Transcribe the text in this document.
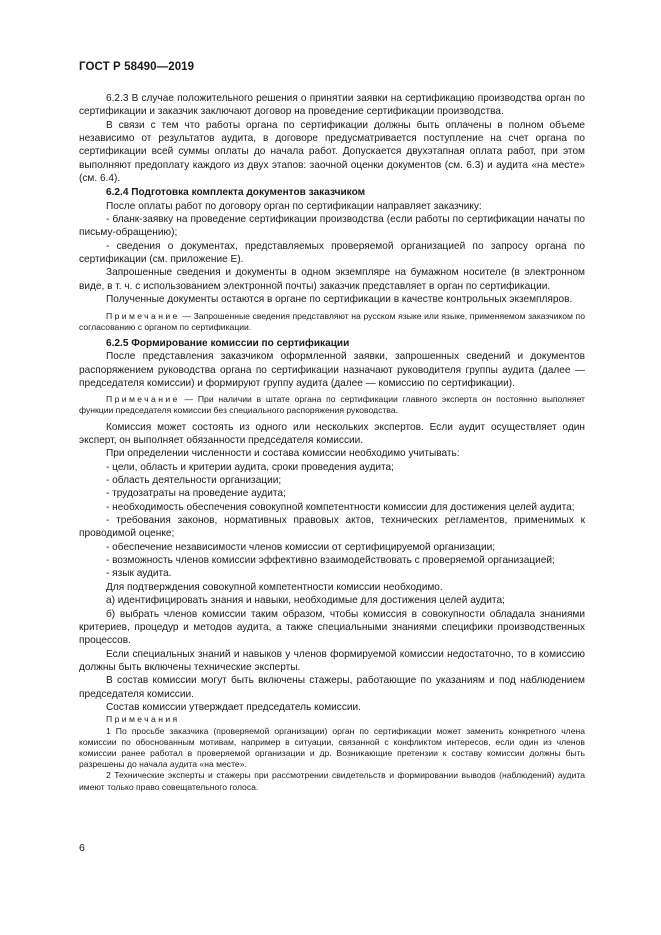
ГОСТ Р 58490—2019

6.2.3 В случае положительного решения о принятии заявки на сертификацию производства орган по сертификации и заказчик заключают договор на проведение сертификации производства.

В связи с тем что работы органа по сертификации должны быть оплачены в полном объеме независимо от результатов аудита, в договоре предусматривается поступление на счет органа по сертификации всей суммы оплаты до начала работ. Допускается двухэтапная оплата работ, при этом выполняют предоплату каждого из двух этапов: заочной оценки документов (см. 6.3) и аудита «на месте» (см. 6.4).

6.2.4 Подготовка комплекта документов заказчиком

После оплаты работ по договору орган по сертификации направляет заказчику:

- бланк-заявку на проведение сертификации производства (если работы по сертификации начаты по письму-обращению);

- сведения о документах, представляемых проверяемой организацией по запросу органа по сертификации (см. приложение Е).

Запрошенные сведения и документы в одном экземпляре на бумажном носителе (в электронном виде, в т. ч. с использованием электронной почты) заказчик представляет в орган по сертификации.

Полученные документы остаются в органе по сертификации в качестве контрольных экземпляров.

Примечание — Запрошенные сведения представляют на русском языке или языке, применяемом заказчиком по согласованию с органом по сертификации.

6.2.5 Формирование комиссии по сертификации

После представления заказчиком оформленной заявки, запрошенных сведений и документов распоряжением руководства органа по сертификации назначают руководителя группы аудита (далее — председателя комиссии) и формируют группу аудита (далее — комиссию по сертификации).

Примечание — При наличии в штате органа по сертификации главного эксперта он постоянно выполняет функции председателя комиссии без специального распоряжения руководства.

Комиссия может состоять из одного или нескольких экспертов. Если аудит осуществляет один эксперт, он выполняет обязанности председателя комиссии.

При определении численности и состава комиссии необходимо учитывать:

- цели, область и критерии аудита, сроки проведения аудита;

- область деятельности организации;

- трудозатраты на проведение аудита;

- необходимость обеспечения совокупной компетентности комиссии для достижения целей аудита;

- требования законов, нормативных правовых актов, технических регламентов, применимых к проводимой оценке;

- обеспечение независимости членов комиссии от сертифицируемой организации;

- возможность членов комиссии эффективно взаимодействовать с проверяемой организацией;

- язык аудита.

Для подтверждения совокупной компетентности комиссии необходимо.

а) идентифицировать знания и навыки, необходимые для достижения целей аудита;

б) выбрать членов комиссии таким образом, чтобы комиссия в совокупности обладала знаниями критериев, процедур и методов аудита, а также специальными знаниями специфики производственных процессов.

Если специальных знаний и навыков у членов формируемой комиссии недостаточно, то в комиссию должны быть включены технические эксперты.

В состав комиссии могут быть включены стажеры, работающие по указаниям и под наблюдением председателя комиссии.

Состав комиссии утверждает председатель комиссии.

Примечания

1 По просьбе заказчика (проверяемой организации) орган по сертификации может заменить конкретного члена комиссии по обоснованным мотивам, например в ситуации, связанной с конфликтом интересов, если один из членов комиссии ранее работал в проверяемой организации и др. Возникающие претензии к составу комиссии должны быть разрешены до начала аудита «на месте».

2 Технические эксперты и стажеры при рассмотрении свидетельств и формировании выводов (наблюдений) аудита имеют только право совещательного голоса.

6
